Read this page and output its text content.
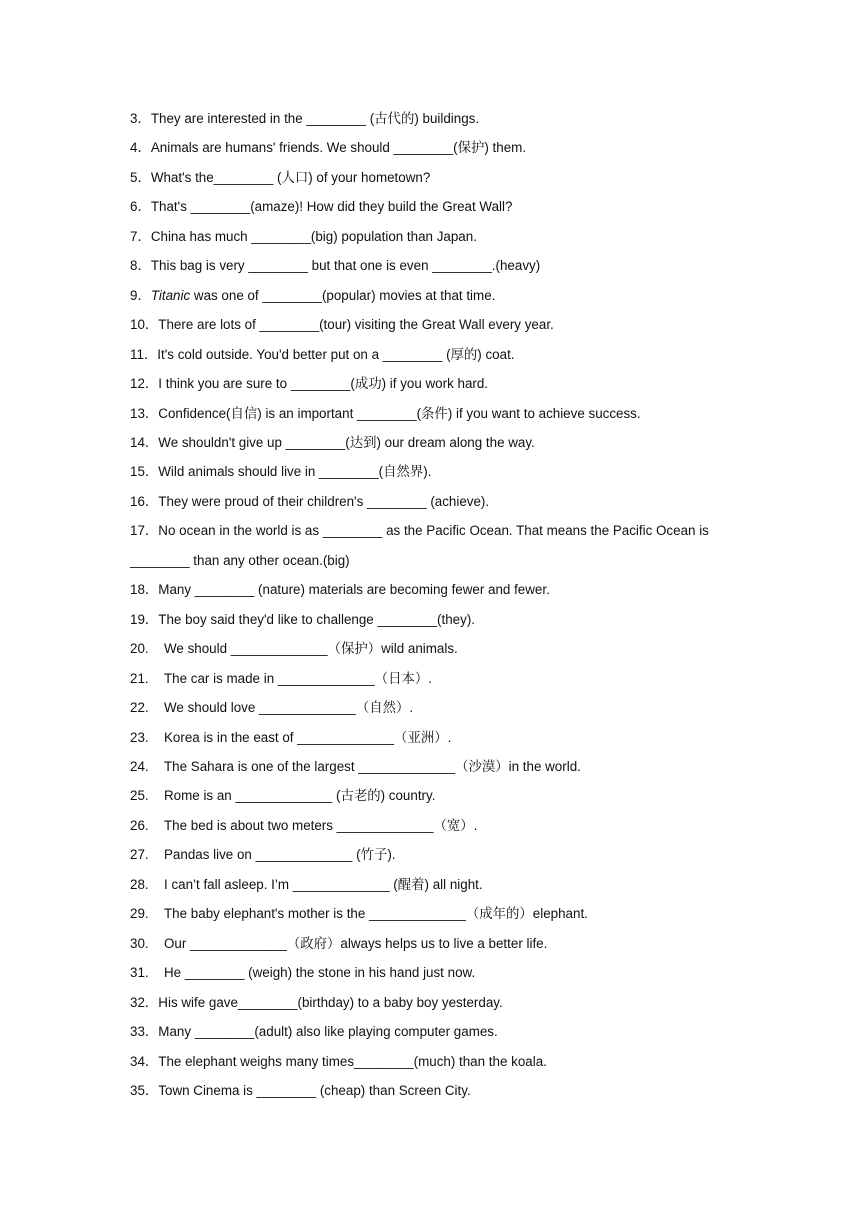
3．They are interested in the ________ (古代的) buildings.
4．Animals are humans' friends. We should ________(保护) them.
5．What's the________ (人口) of your hometown?
6．That's ________(amaze)! How did they build the Great Wall?
7．China has much ________(big) population than Japan.
8．This bag is very ________ but that one is even ________.(heavy)
9．Titanic was one of ________(popular) movies at that time.
10．There are lots of ________(tour) visiting the Great Wall every year.
11．It's cold outside. You'd better put on a ________ (厚的) coat.
12．I think you are sure to ________(成功) if you work hard.
13．Confidence(自信) is an important ________(条件) if you want to achieve success.
14．We shouldn't give up ________(达到) our dream along the way.
15．Wild animals should live in ________(自然界).
16．They were proud of their children's ________ (achieve).
17．No ocean in the world is as ________ as the Pacific Ocean. That means the Pacific Ocean is ________ than any other ocean.(big)
18．Many ________ (nature) materials are becoming fewer and fewer.
19．The boy said they'd like to challenge ________(they).
20. We should _____________（保护）wild animals.
21. The car is made in _____________（日本）.
22. We should love _____________（自然）.
23. Korea is in the east of _____________（亚洲）.
24. The Sahara is one of the largest _____________（沙漠）in the world.
25. Rome is an _____________ (古老的) country.
26. The bed is about two meters _____________（宽）.
27. Pandas live on _____________ (竹子).
28. I can’t fall asleep. I’m _____________ (醒着) all night.
29. The baby elephant's mother is the _____________（成年的）elephant.
30. Our _____________（政府）always helps us to live a better life.
31. He ________ (weigh) the stone in his hand just now.
32．His wife gave________(birthday) to a baby boy yesterday.
33．Many ________(adult) also like playing computer games.
34．The elephant weighs many times________(much) than the koala.
35．Town Cinema is ________ (cheap) than Screen City.
